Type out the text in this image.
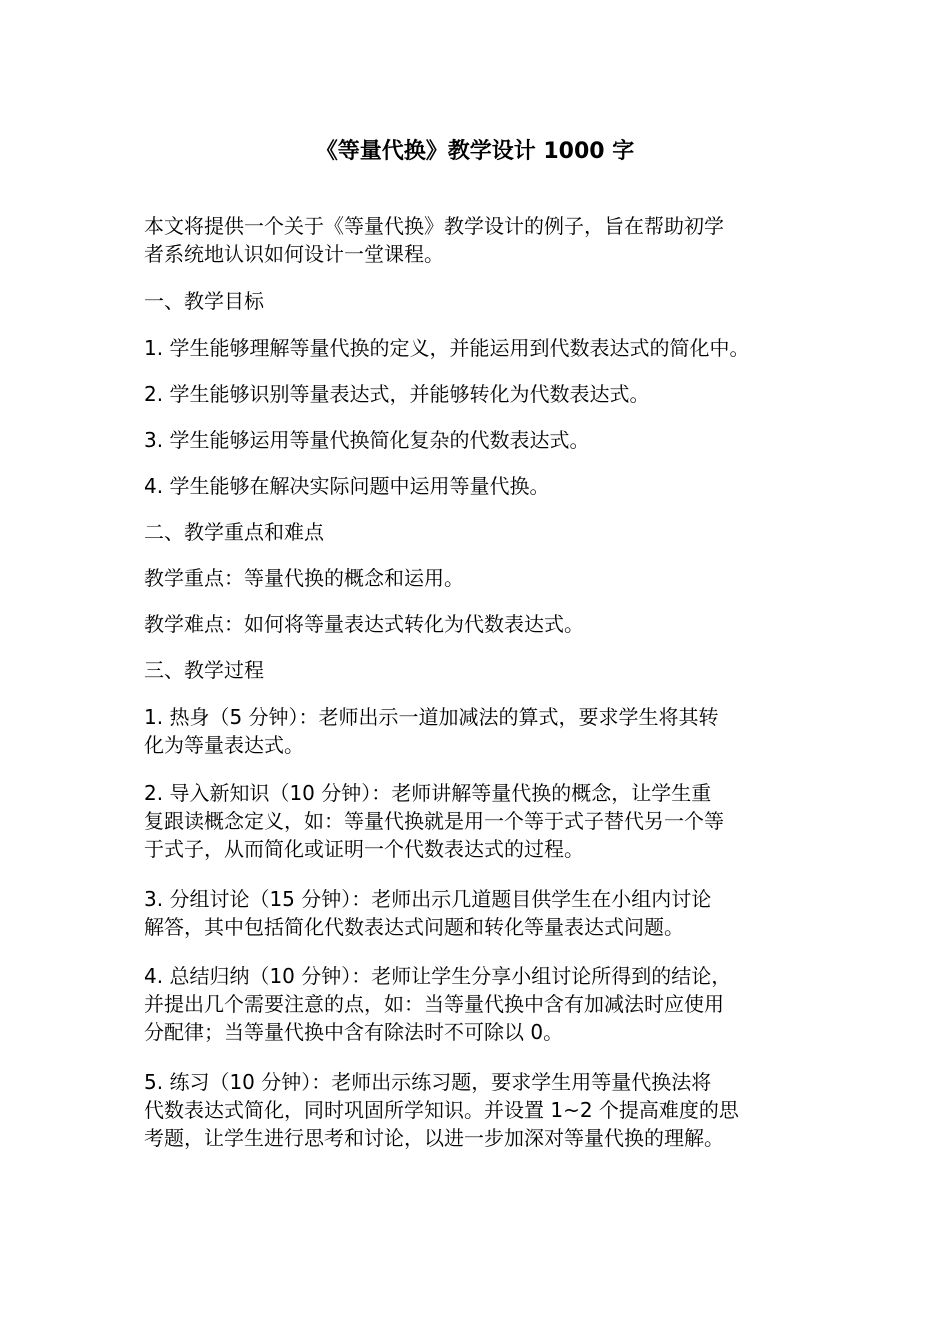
《等量代换》教学设计 1000 字
本文将提供一个关于《等量代换》教学设计的例子，旨在帮助初学
者系统地认识如何设计一堂课程。
一、教学目标
1. 学生能够理解等量代换的定义，并能运用到代数表达式的简化中。
2. 学生能够识别等量表达式，并能够转化为代数表达式。
3. 学生能够运用等量代换简化复杂的代数表达式。
4. 学生能够在解决实际问题中运用等量代换。
二、教学重点和难点
教学重点：等量代换的概念和运用。
教学难点：如何将等量表达式转化为代数表达式。
三、教学过程
1. 热身（5 分钟）：老师出示一道加减法的算式，要求学生将其转
化为等量表达式。
2. 导入新知识（10 分钟）：老师讲解等量代换的概念，让学生重
复跟读概念定义，如：等量代换就是用一个等于式子替代另一个等
于式子，从而简化或证明一个代数表达式的过程。
3. 分组讨论（15 分钟）：老师出示几道题目供学生在小组内讨论
解答，其中包括简化代数表达式问题和转化等量表达式问题。
4. 总结归纳（10 分钟）：老师让学生分享小组讨论所得到的结论，
并提出几个需要注意的点，如：当等量代换中含有加减法时应使用
分配律；当等量代换中含有除法时不可除以 0。
5. 练习（10 分钟）：老师出示练习题，要求学生用等量代换法将
代数表达式简化，同时巩固所学知识。并设置 1~2 个提高难度的思
考题，让学生进行思考和讨论，以进一步加深对等量代换的理解。
